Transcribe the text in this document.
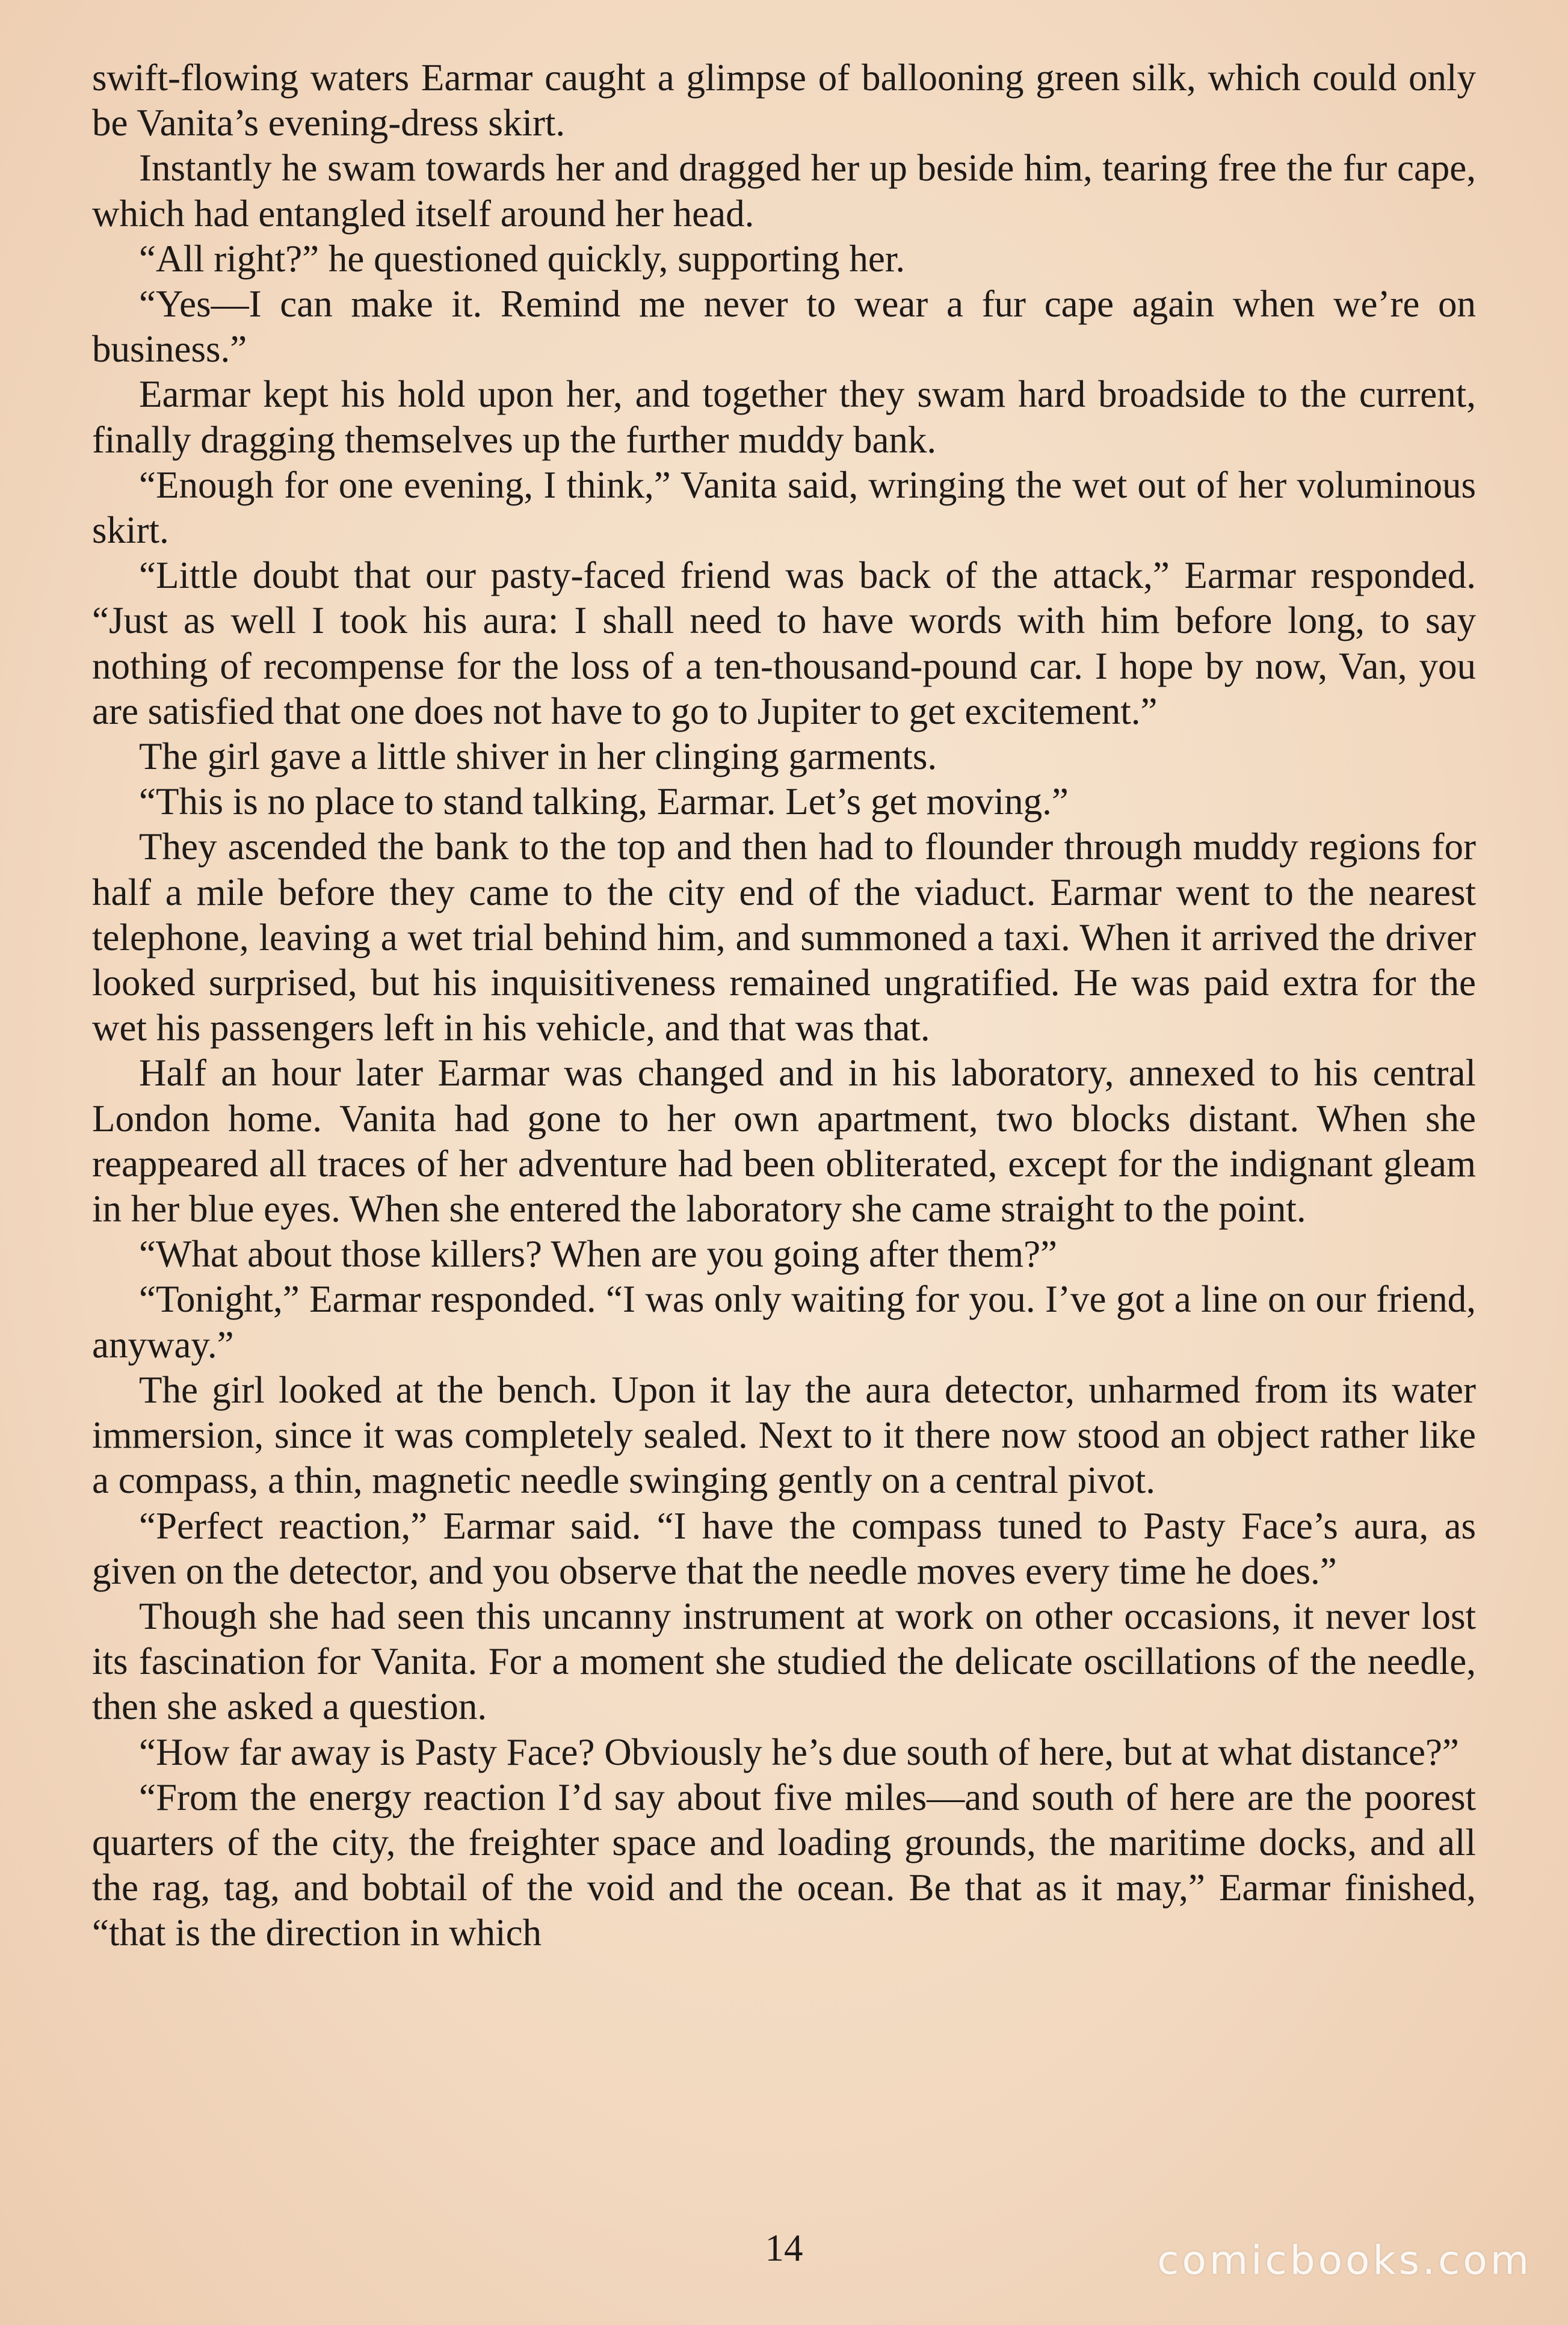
swift-flowing waters Earmar caught a glimpse of ballooning green silk, which could only be Vanita’s evening-dress skirt.

Instantly he swam towards her and dragged her up beside him, tearing free the fur cape, which had entangled itself around her head.

“All right?” he questioned quickly, supporting her.

“Yes—I can make it. Remind me never to wear a fur cape again when we’re on business.”

Earmar kept his hold upon her, and together they swam hard broadside to the current, finally dragging themselves up the further muddy bank.

“Enough for one evening, I think,” Vanita said, wringing the wet out of her voluminous skirt.

“Little doubt that our pasty-faced friend was back of the attack,” Earmar responded. “Just as well I took his aura: I shall need to have words with him before long, to say nothing of recompense for the loss of a ten-thousand-pound car. I hope by now, Van, you are satisfied that one does not have to go to Jupiter to get excitement.”

The girl gave a little shiver in her clinging garments.

“This is no place to stand talking, Earmar. Let’s get moving.”

They ascended the bank to the top and then had to flounder through muddy regions for half a mile before they came to the city end of the viaduct. Earmar went to the nearest telephone, leaving a wet trial behind him, and summoned a taxi. When it arrived the driver looked surprised, but his inquisitiveness remained ungratified. He was paid extra for the wet his passengers left in his vehicle, and that was that.

Half an hour later Earmar was changed and in his laboratory, annexed to his central London home. Vanita had gone to her own apartment, two blocks distant. When she reappeared all traces of her adventure had been obliterated, except for the indignant gleam in her blue eyes. When she entered the laboratory she came straight to the point.

“What about those killers? When are you going after them?”

“Tonight,” Earmar responded. “I was only waiting for you. I’ve got a line on our friend, anyway.”

The girl looked at the bench. Upon it lay the aura detector, unharmed from its water immersion, since it was completely sealed. Next to it there now stood an object rather like a compass, a thin, magnetic needle swinging gently on a central pivot.

“Perfect reaction,” Earmar said. “I have the compass tuned to Pasty Face’s aura, as given on the detector, and you observe that the needle moves every time he does.”

Though she had seen this uncanny instrument at work on other occasions, it never lost its fascination for Vanita. For a moment she studied the delicate oscillations of the needle, then she asked a question.

“How far away is Pasty Face? Obviously he’s due south of here, but at what distance?”

“From the energy reaction I’d say about five miles—and south of here are the poorest quarters of the city, the freighter space and loading grounds, the maritime docks, and all the rag, tag, and bobtail of the void and the ocean. Be that as it may,” Earmar finished, “that is the direction in which

14	comicbooks.com
